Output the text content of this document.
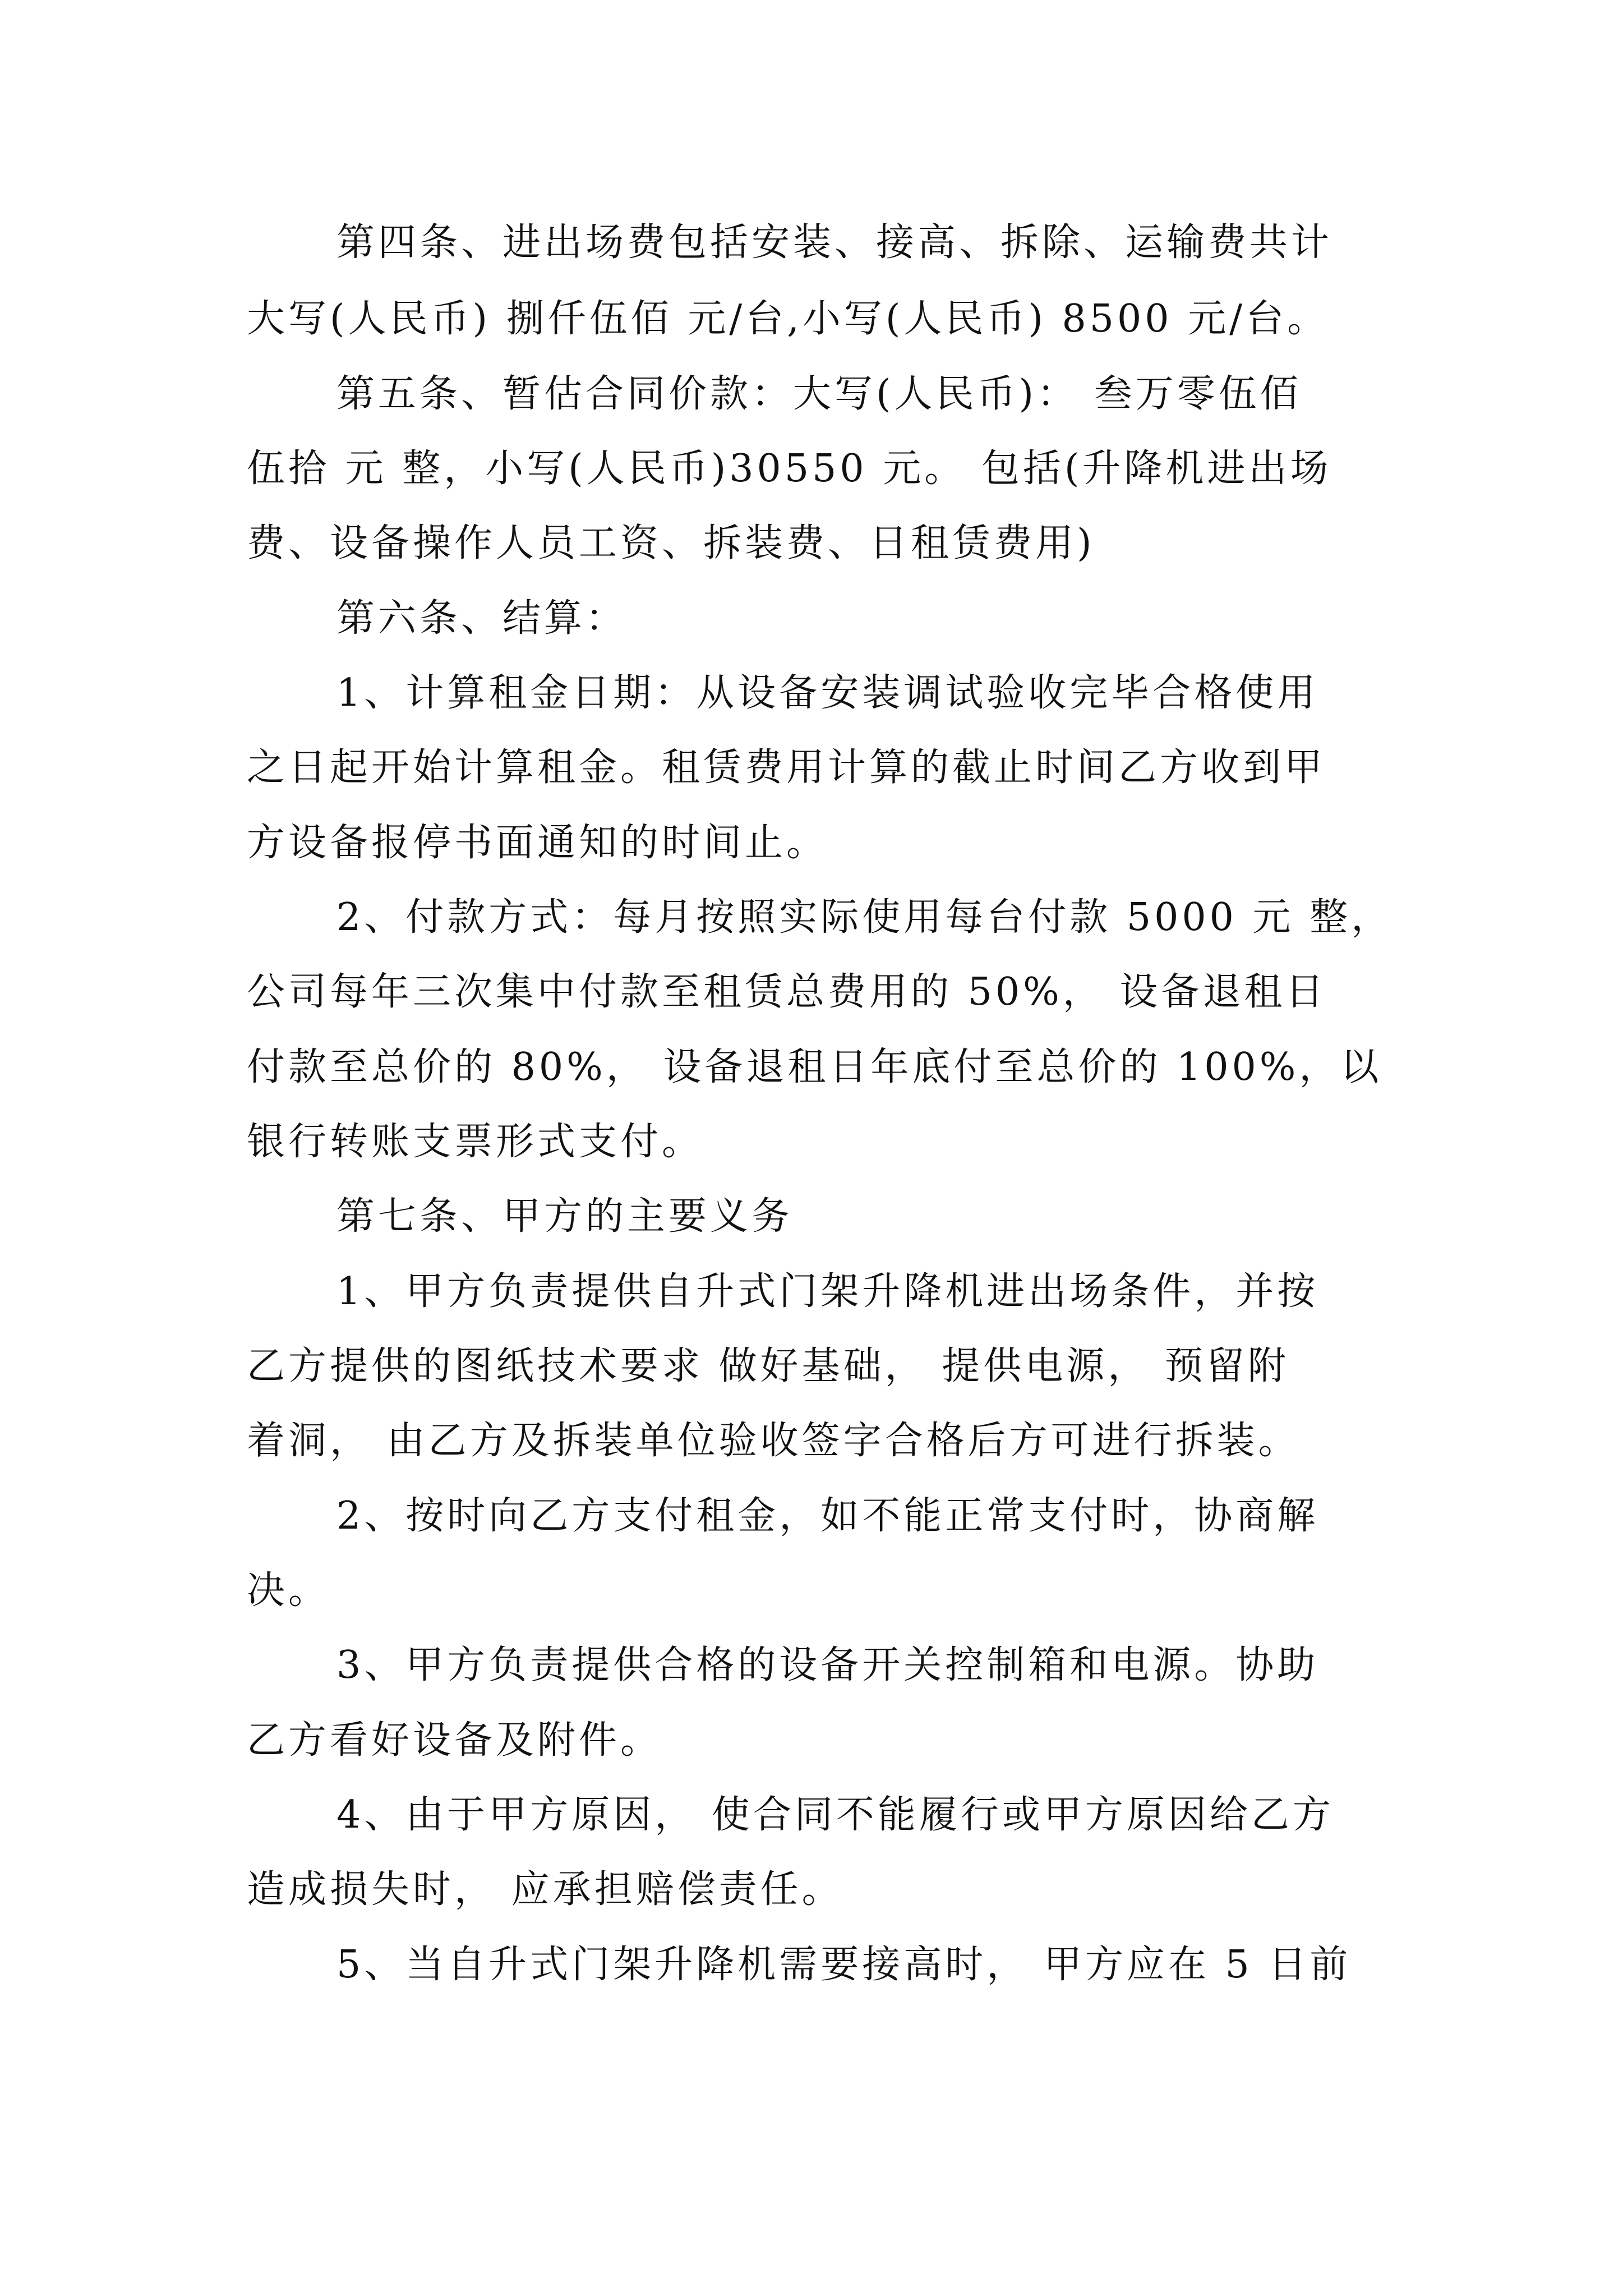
第四条、进出场费包括安装、接高、拆除、运输费共计
大写(人民币) 捌仟伍佰 元/台,小写(人民币) 8500 元/台。
第五条、暂估合同价款：大写(人民币)： 叁万零伍佰
伍拾 元 整，小写(人民币)30550 元。 包括(升降机进出场
费、设备操作人员工资、拆装费、日租赁费用)
第六条、结算：
1、计算租金日期：从设备安装调试验收完毕合格使用
之日起开始计算租金。租赁费用计算的截止时间乙方收到甲
方设备报停书面通知的时间止。
2、付款方式：每月按照实际使用每台付款 5000 元 整，
公司每年三次集中付款至租赁总费用的 50%， 设备退租日
付款至总价的 80%， 设备退租日年底付至总价的 100%，以
银行转账支票形式支付。
第七条、甲方的主要义务
1、甲方负责提供自升式门架升降机进出场条件，并按
乙方提供的图纸技术要求 做好基础， 提供电源， 预留附
着洞， 由乙方及拆装单位验收签字合格后方可进行拆装。
2、按时向乙方支付租金，如不能正常支付时，协商解
决。
3、甲方负责提供合格的设备开关控制箱和电源。协助
乙方看好设备及附件。
4、由于甲方原因， 使合同不能履行或甲方原因给乙方
造成损失时， 应承担赔偿责任。
5、当自升式门架升降机需要接高时， 甲方应在 5 日前
